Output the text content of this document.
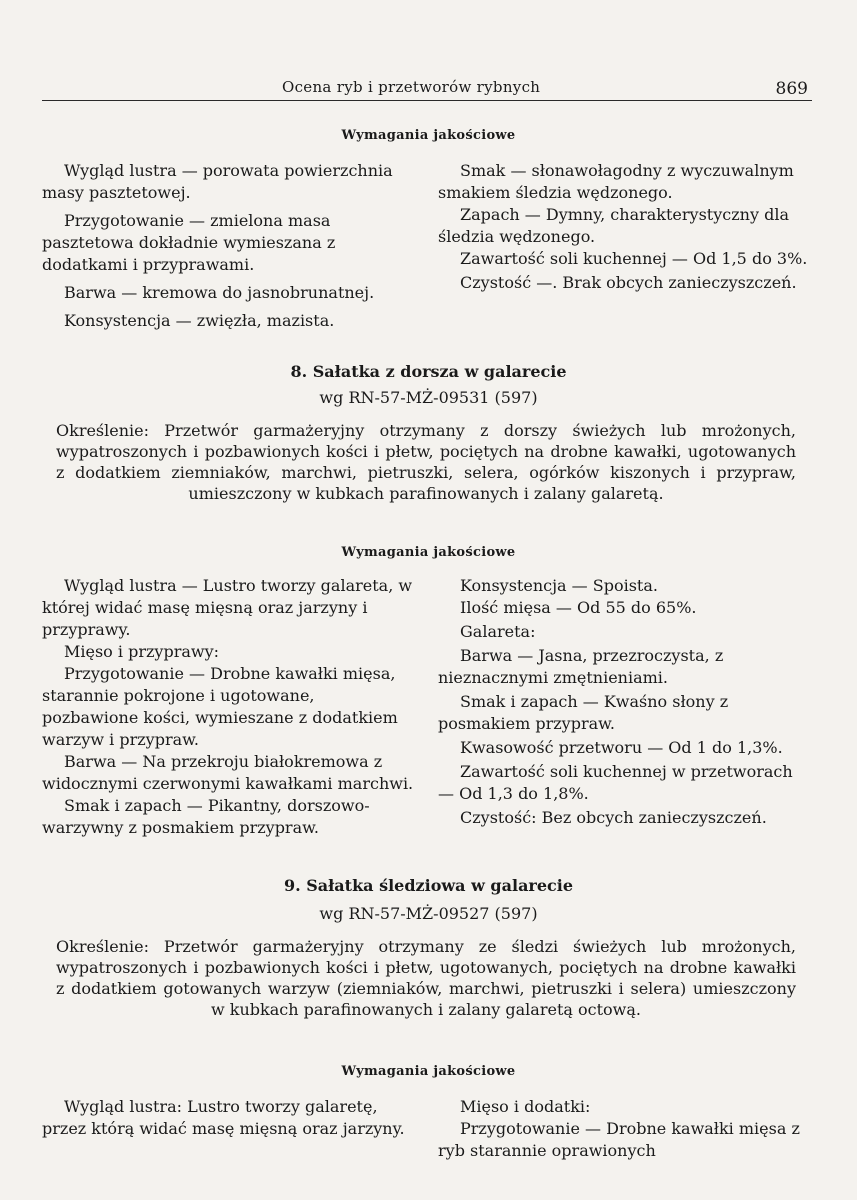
Ocena ryb i przetworów rybnych	869
Wymagania jakościowe

Wygląd lustra — porowata powierzchnia masy pasztetowej.

Przygotowanie — zmielona masa pasztetowa dokładnie wymieszana z dodatkami i przyprawami.

Barwa — kremowa do jasnobrunatnej.

Konsystencja — zwięzła, mazista.

Smak — słonawołagodny z wyczuwalnym smakiem śledzia wędzonego.

Zapach — Dymny, charakterystyczny dla śledzia wędzonego.

Zawartość soli kuchennej — Od 1,5 do 3%.

Czystość —. Brak obcych zanieczyszczeń.

8. Sałatka z dorsza w galarecie
wg RN-57-MŻ-09531 (597)
Określenie: Przetwór garmażeryjny otrzymany z dorszy świeżych lub mrożonych, wypatroszonych i pozbawionych kości i płetw, pociętych na drobne kawałki, ugotowanych z dodatkiem ziemniaków, marchwi, pietruszki, selera, ogórków kiszonych i przypraw, umieszczony w kubkach parafinowanych i zalany galaretą.
Wymagania jakościowe

Wygląd lustra — Lustro tworzy galareta, w której widać masę mięsną oraz jarzyny i przyprawy.

Mięso i przyprawy:

Przygotowanie — Drobne kawałki mięsa, starannie pokrojone i ugotowane, pozbawione kości, wymieszane z dodatkiem warzyw i przypraw.

Barwa — Na przekroju białokremowa z widocznymi czerwonymi kawałkami marchwi.

Smak i zapach — Pikantny, dorszowo-warzywny z posmakiem przypraw.

Konsystencja — Spoista.

Ilość mięsa — Od 55 do 65%.

Galareta:

Barwa — Jasna, przezroczysta, z nieznacznymi zmętnieniami.

Smak i zapach — Kwaśno słony z posmakiem przypraw.

Kwasowość przetworu — Od 1 do 1,3%.

Zawartość soli kuchennej w przetworach — Od 1,3 do 1,8%.

Czystość: Bez obcych zanieczyszczeń.

9. Sałatka śledziowa w galarecie
wg RN-57-MŻ-09527 (597)
Określenie: Przetwór garmażeryjny otrzymany ze śledzi świeżych lub mrożonych, wypatroszonych i pozbawionych kości i płetw, ugotowanych, pociętych na drobne kawałki z dodatkiem gotowanych warzyw (ziemniaków, marchwi, pietruszki i selera) umieszczony w kubkach parafinowanych i zalany galaretą octową.
Wymagania jakościowe

Wygląd lustra: Lustro tworzy galaretę, przez którą widać masę mięsną oraz jarzyny.

Mięso i dodatki:

Przygotowanie — Drobne kawałki mięsa z ryb starannie oprawionych
